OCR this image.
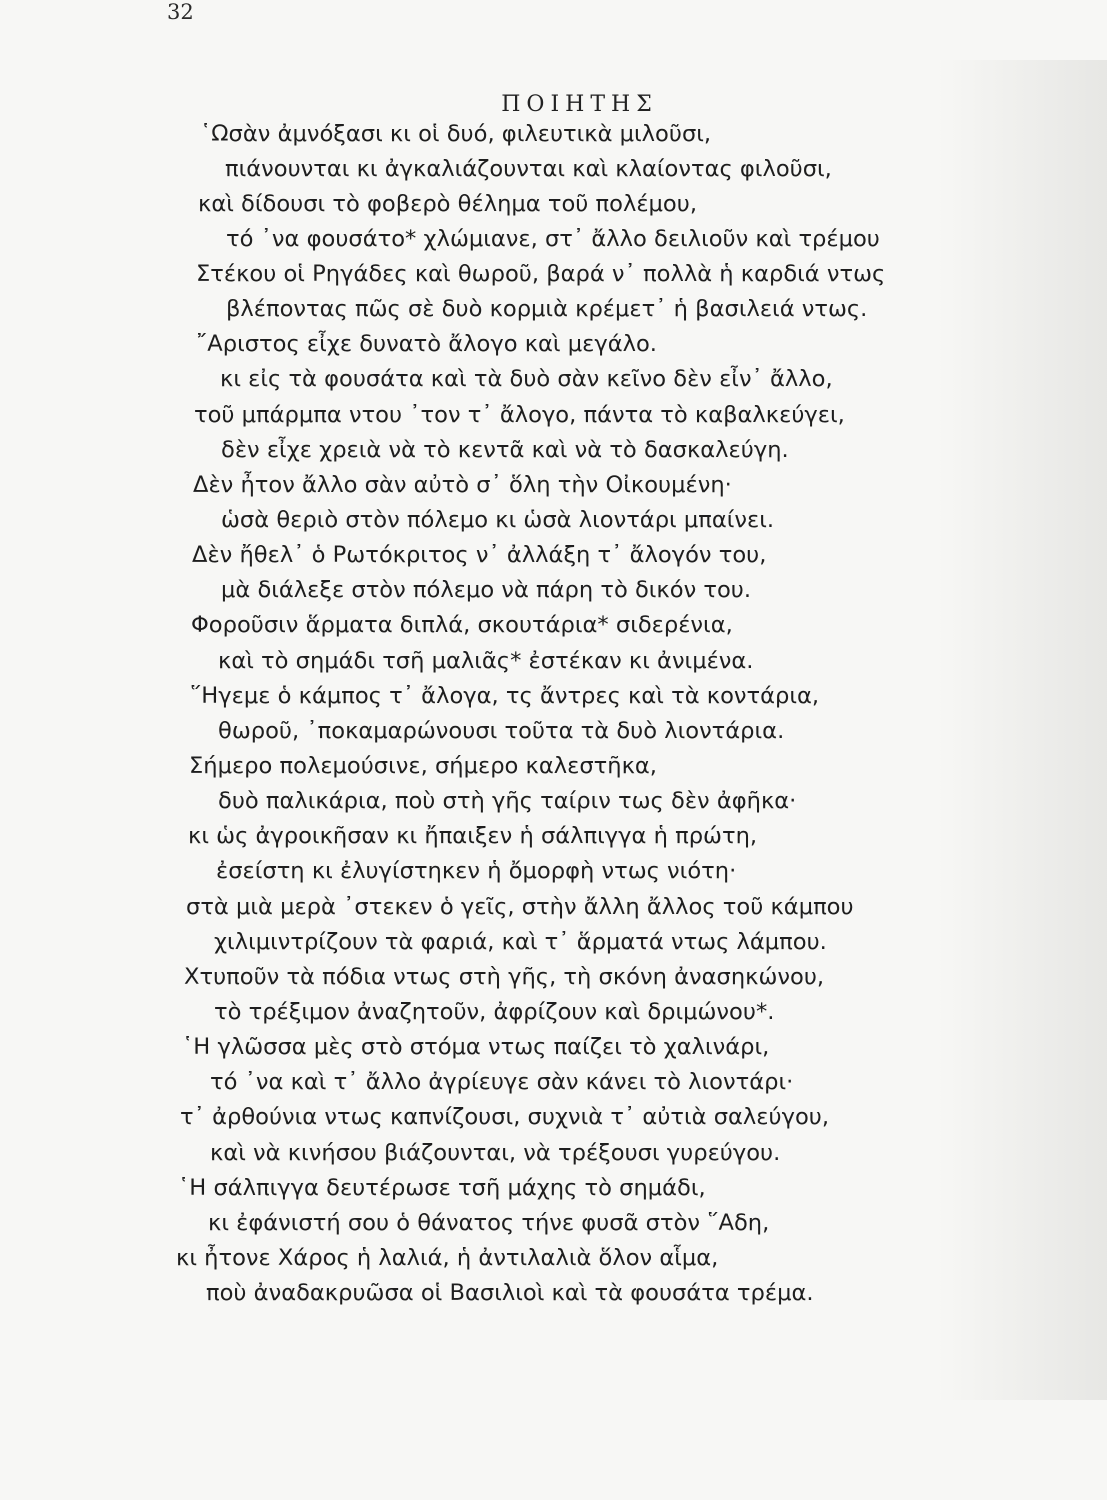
32
ΠΟΙΗΤΗΣ
῾Ωσὰν ἀμνόξασι κι οἱ δυό, φιλευτικὰ μιλοῦσι,
πιάνουνται κι ἀγκαλιάζουνται καὶ κλαίοντας φιλοῦσι,
καὶ δίδουσι τὸ φοβερὸ θέλημα τοῦ πολέμου,
τό ᾿να φουσάτο* χλώμιανε, στ᾿ ἄλλο δειλιοῦν καὶ τρέμου
Στέκου οἱ Ρηγάδες καὶ θωροῦ, βαρά ν᾿ πολλὰ ἡ καρδιά ντως
βλέποντας πῶς σὲ δυὸ κορμιὰ κρέμετ᾿ ἡ βασιλειά ντως.
῎Αριστος εἶχε δυνατὸ ἄλογο καὶ μεγάλο.
κι εἰς τὰ φουσάτα καὶ τὰ δυὸ σὰν κεῖνο δὲν εἶν᾿ ἄλλο,
τοῦ μπάρμπα ντου ᾿τον τ᾿ ἄλογο, πάντα τὸ καβαλκεύγει,
δὲν εἶχε χρειὰ νὰ τὸ κεντᾶ καὶ νὰ τὸ δασκαλεύγη.
Δὲν ἦτον ἄλλο σὰν αὐτὸ σ᾿ ὅλη τὴν Οἰκουμένη·
ὡσὰ θεριὸ στὸν πόλεμο κι ὡσὰ λιοντάρι μπαίνει.
Δὲν ἤθελ᾿ ὁ Ρωτόκριτος ν᾿ ἀλλάξη τ᾿ ἄλογόν του,
μὰ διάλεξε στὸν πόλεμο νὰ πάρη τὸ δικόν του.
Φοροῦσιν ἅρματα διπλά, σκουτάρια* σιδερένια,
καὶ τὸ σημάδι τσῆ μαλιᾶς* ἐστέκαν κι ἀνιμένα.
῞Ηγεμε ὁ κάμπος τ᾿ ἄλογα, τς ἄντρες καὶ τὰ κοντάρια,
θωροῦ, ᾿ποκαμαρώνουσι τοῦτα τὰ δυὸ λιοντάρια.
Σήμερο πολεμούσινε, σήμερο καλεστῆκα,
δυὸ παλικάρια, ποὺ στὴ γῆς ταίριν τως δὲν ἀφῆκα·
κι ὡς ἀγροικῆσαν κι ἤπαιξεν ἡ σάλπιγγα ἡ πρώτη,
ἐσείστη κι ἐλυγίστηκεν ἡ ὄμορφὴ ντως νιότη·
στὰ μιὰ μερὰ ᾿στεκεν ὁ γεῖς, στὴν ἄλλη ἄλλος τοῦ κάμπου
χιλιμιντρίζουν τὰ φαριά, καὶ τ᾿ ἅρματά ντως λάμπου.
Χτυποῦν τὰ πόδια ντως στὴ γῆς, τὴ σκόνη ἀνασηκώνου,
τὸ τρέξιμον ἀναζητοῦν, ἀφρίζουν καὶ δριμώνου*.
῾Η γλῶσσα μὲς στὸ στόμα ντως παίζει τὸ χαλινάρι,
τό ᾿να καὶ τ᾿ ἄλλο ἀγρίευγε σὰν κάνει τὸ λιοντάρι·
τ᾿ ἀρθούνια ντως καπνίζουσι, συχνιὰ τ᾿ αὐτιὰ σαλεύγου,
καὶ νὰ κινήσου βιάζουνται, νὰ τρέξουσι γυρεύγου.
῾Η σάλπιγγα δευτέρωσε τσῆ μάχης τὸ σημάδι,
κι ἐφάνιστή σου ὁ θάνατος τήνε φυσᾶ στὸν ῞Αδη,
κι ἦτονε Χάρος ἡ λαλιά, ἡ ἀντιλαλιὰ ὅλον αἷμα,
ποὺ ἀναδακρυῶσα οἱ Βασιλιοὶ καὶ τὰ φουσάτα τρέμα.
